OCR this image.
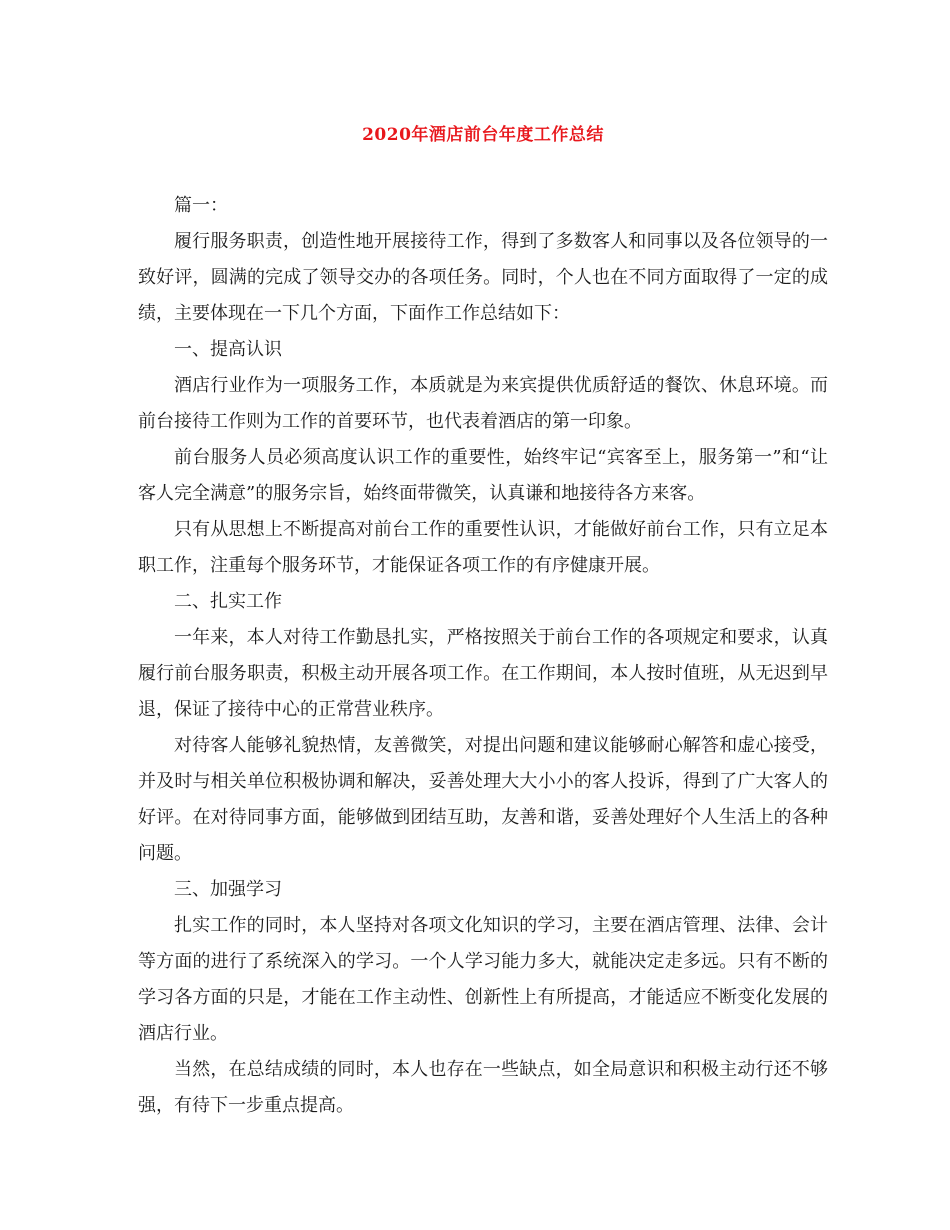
2020年酒店前台年度工作总结

篇一：

履行服务职责，创造性地开展接待工作，得到了多数客人和同事以及各位领导的一致好评，圆满的完成了领导交办的各项任务。同时，个人也在不同方面取得了一定的成绩，主要体现在一下几个方面，下面作工作总结如下：

一、提高认识

酒店行业作为一项服务工作，本质就是为来宾提供优质舒适的餐饮、休息环境。而前台接待工作则为工作的首要环节，也代表着酒店的第一印象。

前台服务人员必须高度认识工作的重要性，始终牢记“宾客至上，服务第一”和“让客人完全满意”的服务宗旨，始终面带微笑，认真谦和地接待各方来客。

只有从思想上不断提高对前台工作的重要性认识，才能做好前台工作，只有立足本职工作，注重每个服务环节，才能保证各项工作的有序健康开展。

二、扎实工作

一年来，本人对待工作勤恳扎实，严格按照关于前台工作的各项规定和要求，认真履行前台服务职责，积极主动开展各项工作。在工作期间，本人按时值班，从无迟到早退，保证了接待中心的正常营业秩序。

对待客人能够礼貌热情，友善微笑，对提出问题和建议能够耐心解答和虚心接受，并及时与相关单位积极协调和解决，妥善处理大大小小的客人投诉，得到了广大客人的好评。在对待同事方面，能够做到团结互助，友善和谐，妥善处理好个人生活上的各种问题。

三、加强学习

扎实工作的同时，本人坚持对各项文化知识的学习，主要在酒店管理、法律、会计等方面的进行了系统深入的学习。一个人学习能力多大，就能决定走多远。只有不断的学习各方面的只是，才能在工作主动性、创新性上有所提高，才能适应不断变化发展的酒店行业。

当然，在总结成绩的同时，本人也存在一些缺点，如全局意识和积极主动行还不够强，有待下一步重点提高。
